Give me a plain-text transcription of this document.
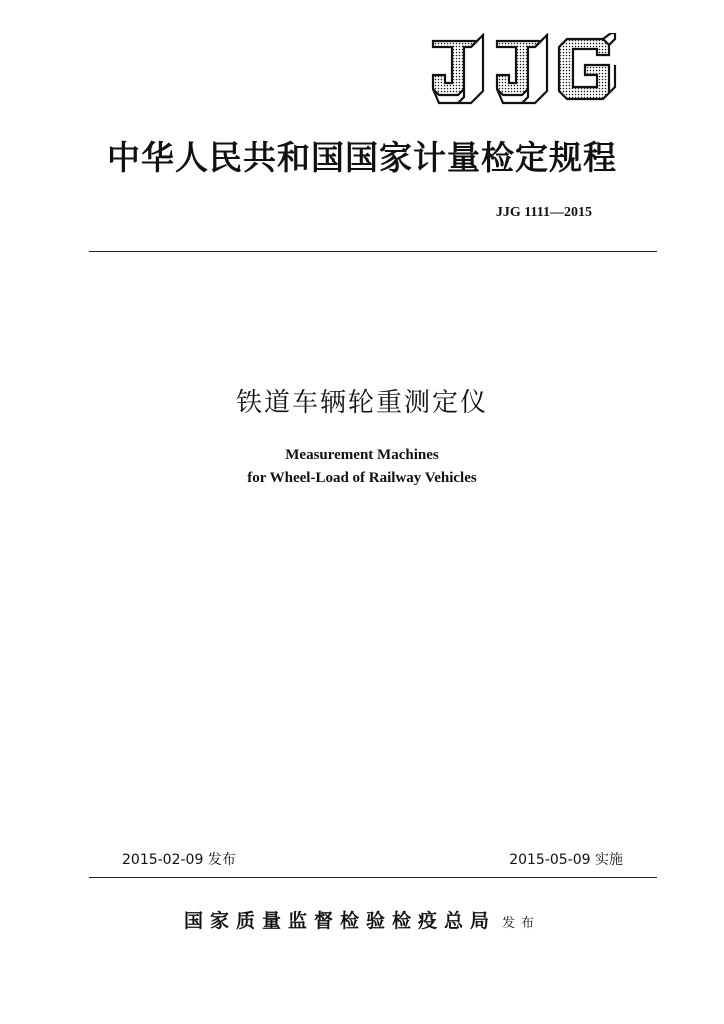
中华人民共和国国家计量检定规程
JJG 1111—2015
铁道车辆轮重测定仪
Measurement Machines
for Wheel-Load of Railway Vehicles
2015-02-09 发布	2015-05-09 实施
国家质量监督检验检疫总局 发布
